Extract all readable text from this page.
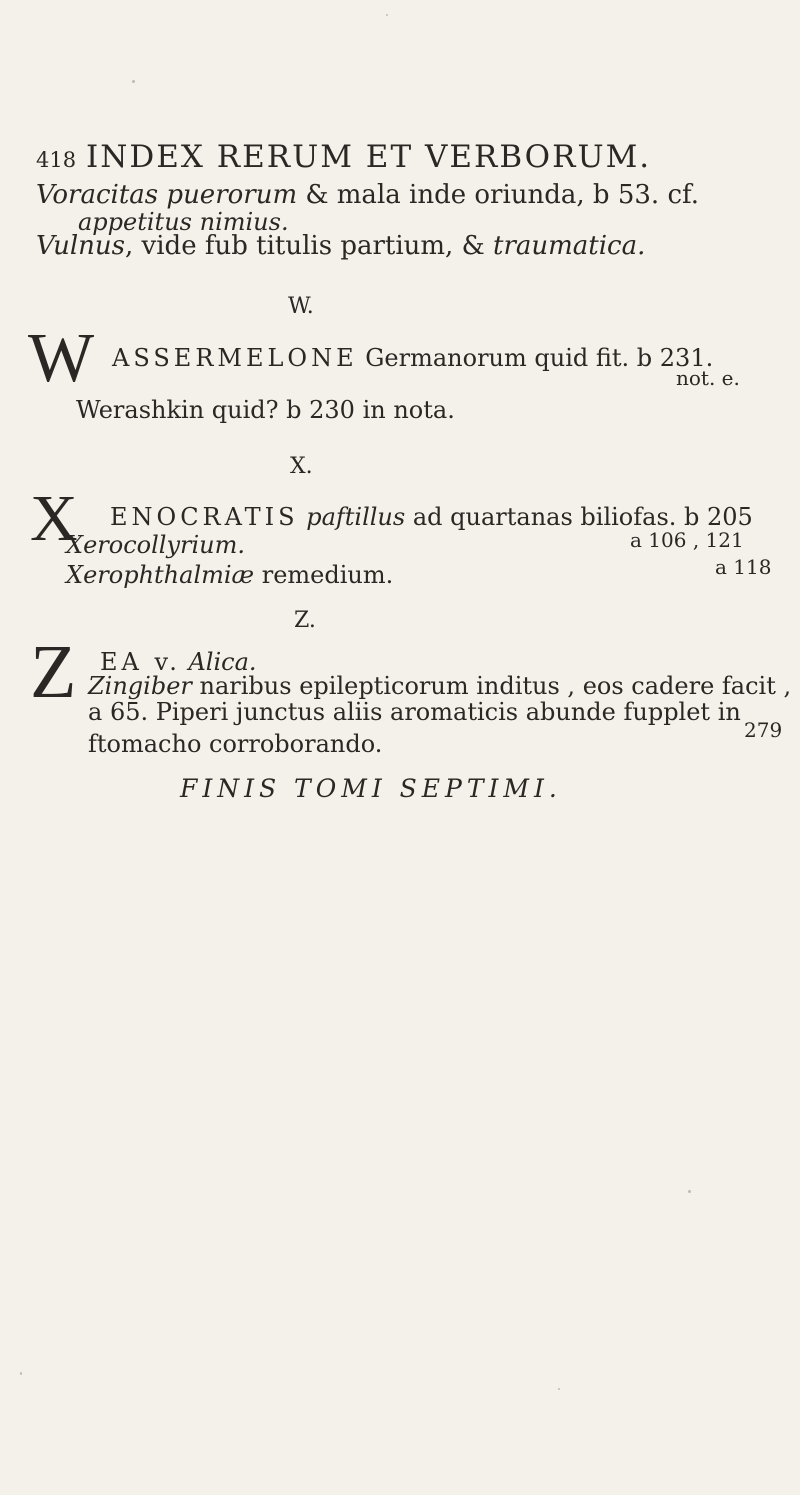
418 INDEX RERUM ET VERBORUM.
Voracitas puerorum & mala inde oriunda, b 53. cf.
appetitus nimius.
Vulnus, vide fub titulis partium, & traumatica.
W.
W ASSERMELONE Germanorum quid fit. b 231.
not. e.
Werashkin quid? b 230 in nota.
X.
X ENOCRATIS paftillus ad quartanas biliofas. b 205
Xerocollyrium.	a 106 , 121
Xerophthalmiæ remedium.	a 118
Z.
Z EA v. Alica.
Zingiber naribus epilepticorum inditus , eos cadere facit ,
a 65. Piperi junctus aliis aromaticis abunde fupplet in
ftomacho corroborando.	279
FINIS TOMI SEPTIMI.
